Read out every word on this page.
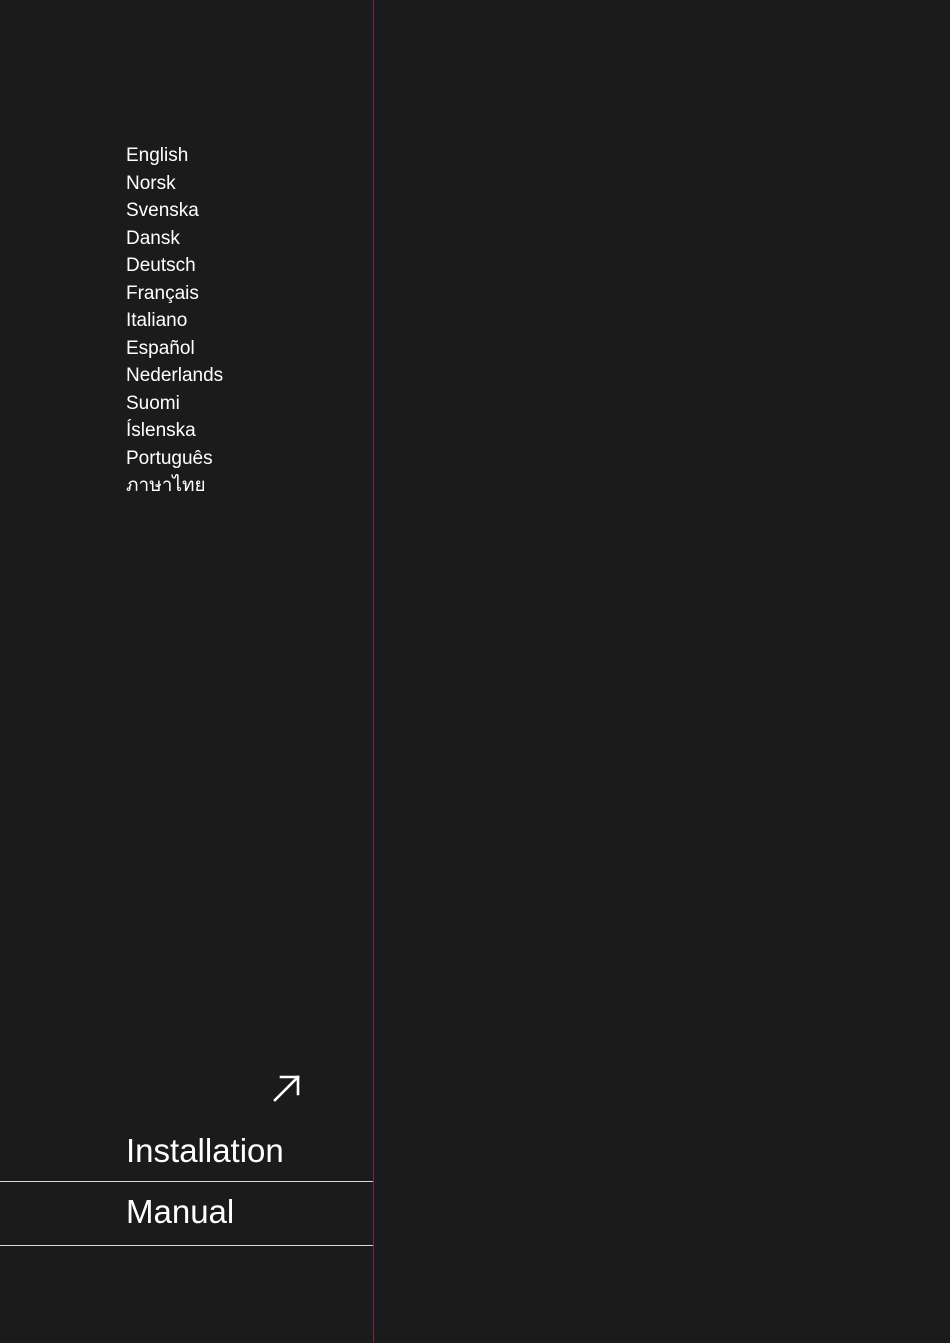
English
Norsk
Svenska
Dansk
Deutsch
Français
Italiano
Español
Nederlands
Suomi
Íslenska
Português
ภาษาไทย
Installation
Manual
